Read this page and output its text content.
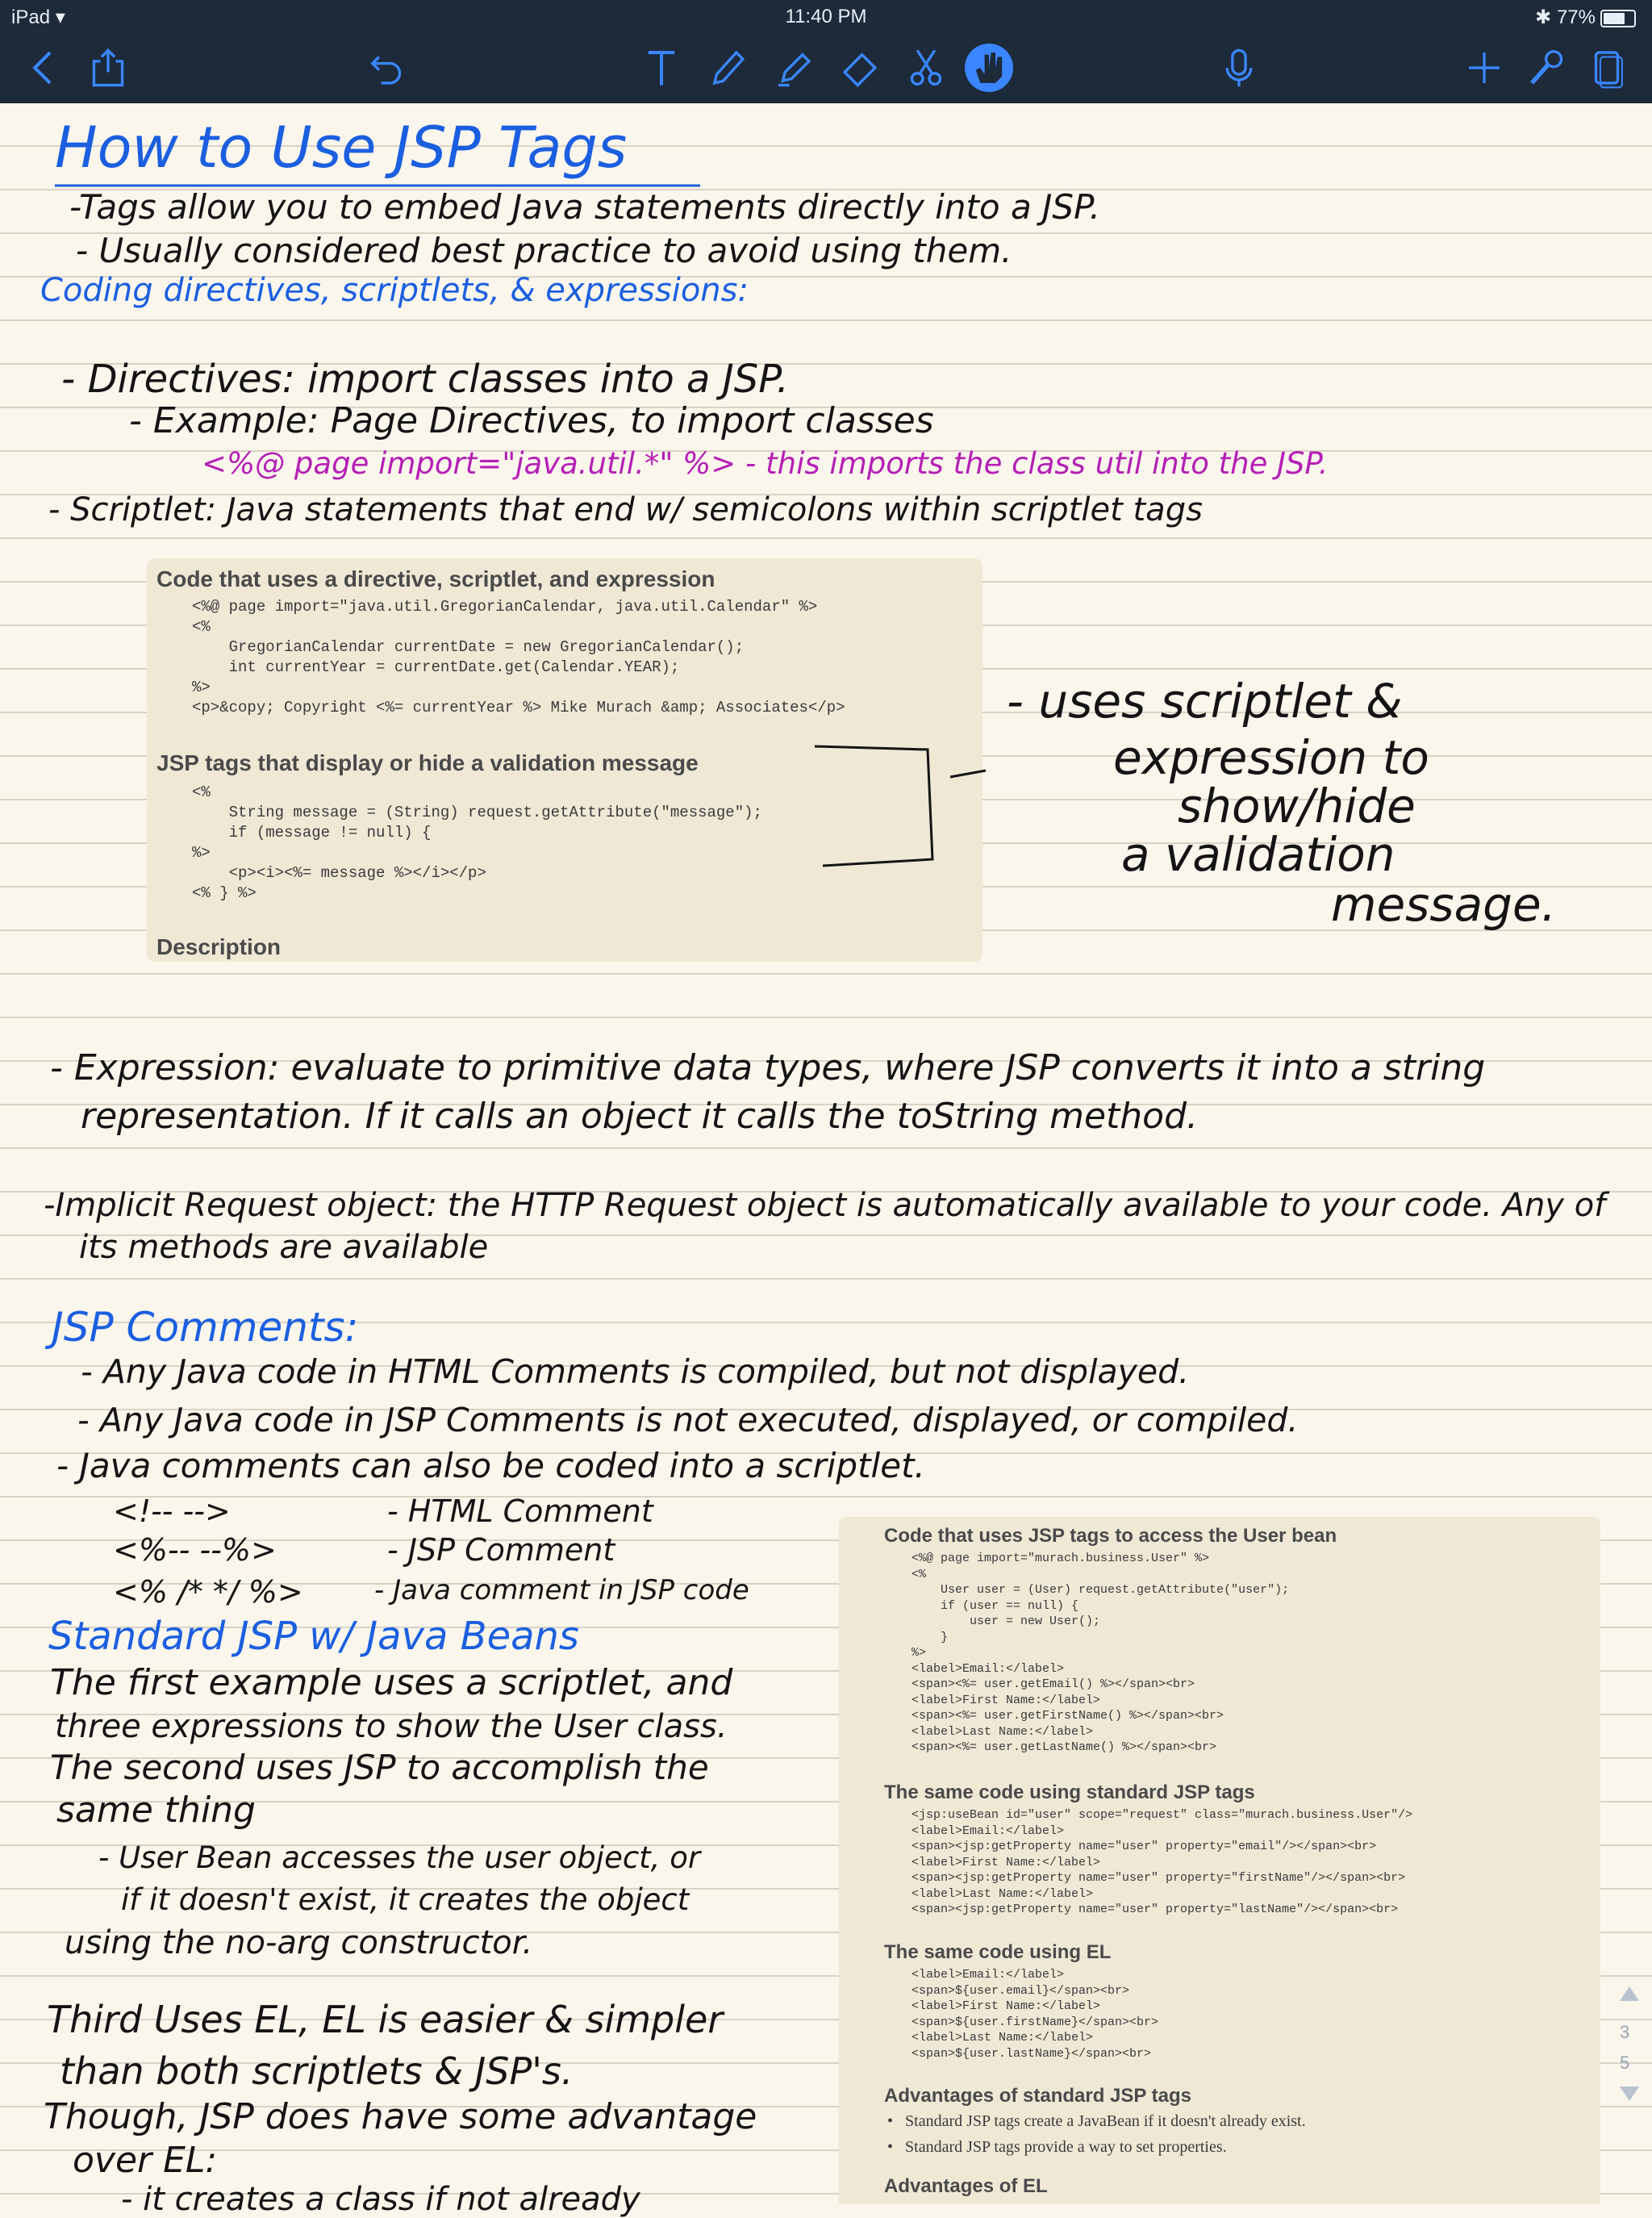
iPad ▾	11:40 PM	✱ 77%
How to Use JSP Tags
-Tags allow you to embed Java statements directly into a JSP.
- Usually considered best practice to avoid using them.
Coding directives, scriptlets, & expressions:
- Directives: import classes into a JSP.
- Example: Page Directives, to import classes
<%@ page import="java.util.*" %> - this imports the class util into the JSP.
- Scriptlet: Java statements that end w/ semicolons within scriptlet tags
Code that uses a directive, scriptlet, and expression
<%@ page import="java.util.GregorianCalendar, java.util.Calendar" %>
<%
GregorianCalendar currentDate = new GregorianCalendar();
int currentYear = currentDate.get(Calendar.YEAR);
%>
<p>&copy; Copyright <%= currentYear %> Mike Murach &amp; Associates</p>
JSP tags that display or hide a validation message
<%
String message = (String) request.getAttribute("message");
if (message != null) {
%>
<p><i><%= message %></i></p>
<% } %>
Description
- uses scriptlet &
expression to
show/hide
a validation
message.
- Expression: evaluate to primitive data types, where JSP converts it into a string
representation. If it calls an object it calls the toString method.
-Implicit Request object: the HTTP Request object is automatically available to your code. Any of
its methods are available
JSP Comments:
- Any Java code in HTML Comments is compiled, but not displayed.
- Any Java code in JSP Comments is not executed, displayed, or compiled.
- Java comments can also be coded into a scriptlet.
<!-- -->	- HTML Comment
<%-- --%>	- JSP Comment
<% /* */ %>	- Java comment in JSP code
Standard JSP w/ Java Beans
The first example uses a scriptlet, and
three expressions to show the User class.
The second uses JSP to accomplish the
same thing
- User Bean accesses the user object, or
if it doesn't exist, it creates the object
using the no-arg constructor.
Third Uses EL, EL is easier & simpler
than both scriptlets & JSP's.
Though, JSP does have some advantage
over EL:
- it creates a class if not already
Code that uses JSP tags to access the User bean
<%@ page import="murach.business.User" %>
<%
User user = (User) request.getAttribute("user");
if (user == null) {
user = new User();
}
%>
<label>Email:</label>
<span><%= user.getEmail() %></span><br>
<label>First Name:</label>
<span><%= user.getFirstName() %></span><br>
<label>Last Name:</label>
<span><%= user.getLastName() %></span><br>
The same code using standard JSP tags
<jsp:useBean id="user" scope="request" class="murach.business.User"/>
<label>Email:</label>
<span><jsp:getProperty name="user" property="email"/></span><br>
<label>First Name:</label>
<span><jsp:getProperty name="user" property="firstName"/></span><br>
<label>Last Name:</label>
<span><jsp:getProperty name="user" property="lastName"/></span><br>
The same code using EL
<label>Email:</label>
<span>${user.email}</span><br>
<label>First Name:</label>
<span>${user.firstName}</span><br>
<label>Last Name:</label>
<span>${user.lastName}</span><br>
Advantages of standard JSP tags
•   Standard JSP tags create a JavaBean if it doesn't already exist.
•   Standard JSP tags provide a way to set properties.
Advantages of EL
3
5
